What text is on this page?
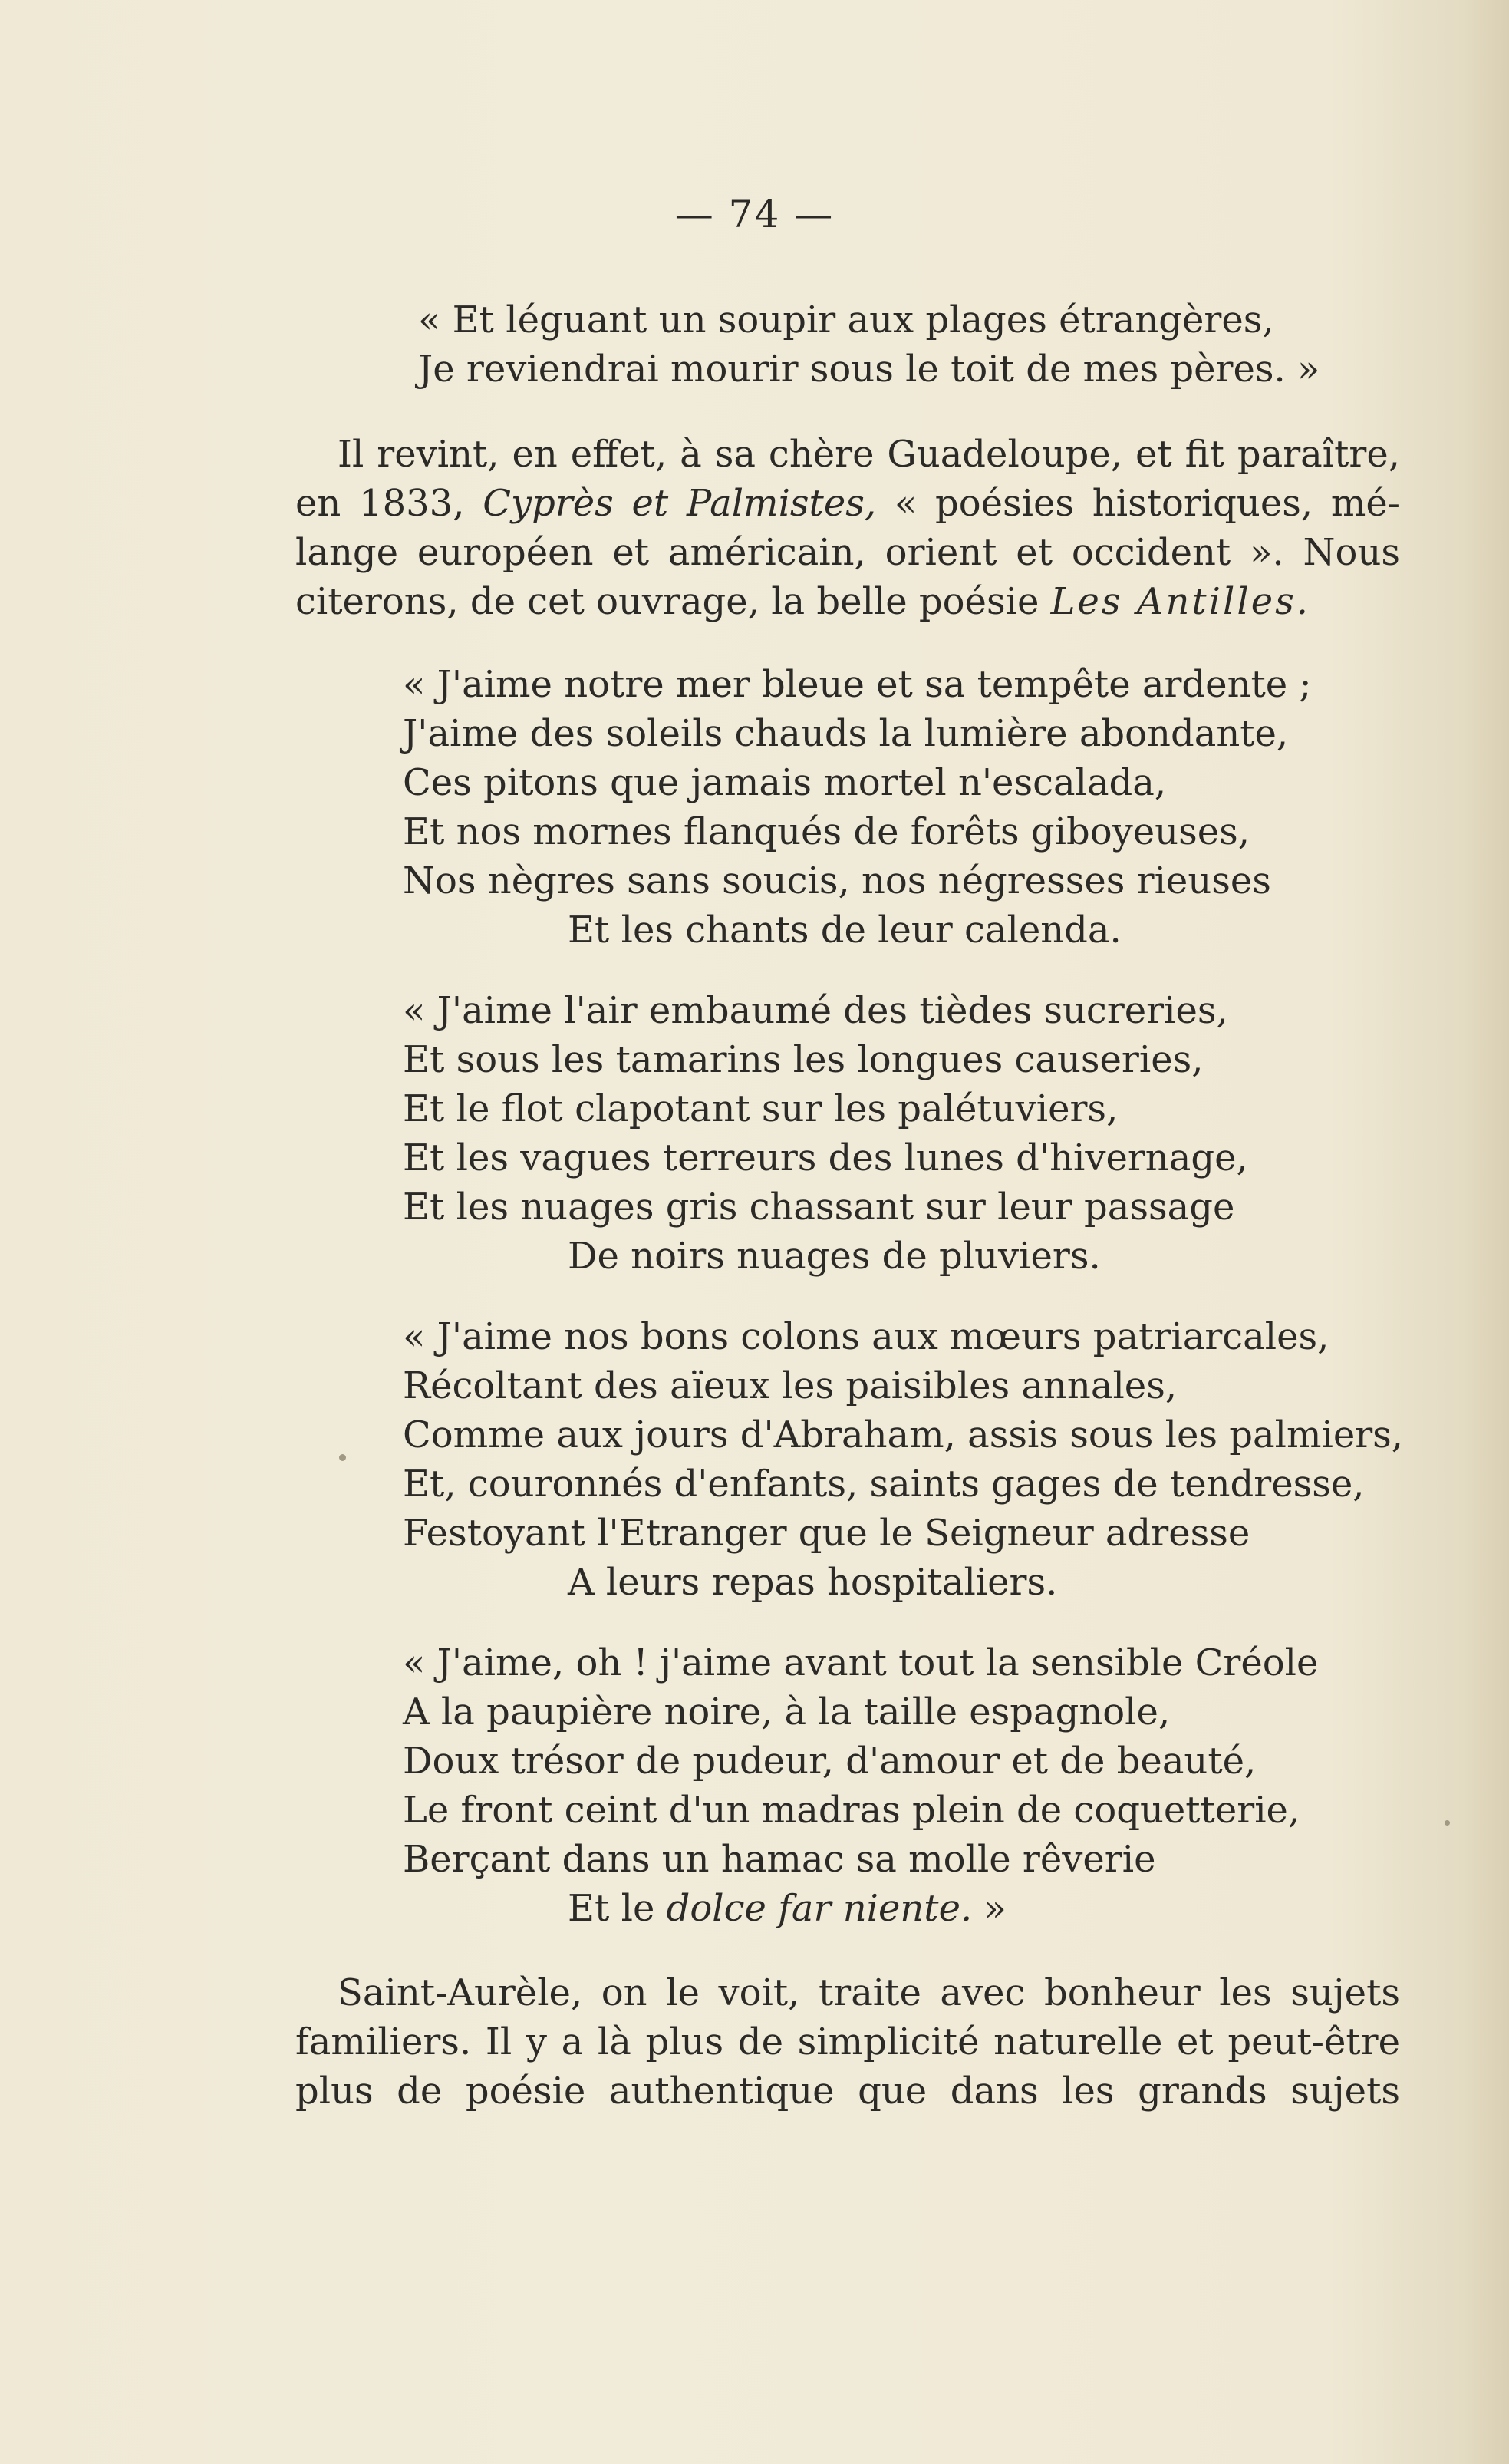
— 74 —
« Et léguant un soupir aux plages étrangères,
Je reviendrai mourir sous le toit de mes pères. »
Il revint, en effet, à sa chère Guadeloupe, et fit paraître,
en 1833, Cyprès et Palmistes, « poésies historiques, mé-
lange européen et américain, orient et occident ». Nous
citerons, de cet ouvrage, la belle poésie Les Antilles.
« J'aime notre mer bleue et sa tempête ardente ;
J'aime des soleils chauds la lumière abondante,
Ces pitons que jamais mortel n'escalada,
Et nos mornes flanqués de forêts giboyeuses,
Nos nègres sans soucis, nos négresses rieuses
Et les chants de leur calenda.
« J'aime l'air embaumé des tièdes sucreries,
Et sous les tamarins les longues causeries,
Et le flot clapotant sur les palétuviers,
Et les vagues terreurs des lunes d'hivernage,
Et les nuages gris chassant sur leur passage
De noirs nuages de pluviers.
« J'aime nos bons colons aux mœurs patriarcales,
Récoltant des aïeux les paisibles annales,
Comme aux jours d'Abraham, assis sous les palmiers,
Et, couronnés d'enfants, saints gages de tendresse,
Festoyant l'Etranger que le Seigneur adresse
A leurs repas hospitaliers.
« J'aime, oh ! j'aime avant tout la sensible Créole
A la paupière noire, à la taille espagnole,
Doux trésor de pudeur, d'amour et de beauté,
Le front ceint d'un madras plein de coquetterie,
Berçant dans un hamac sa molle rêverie
Et le dolce far niente. »
Saint-Aurèle, on le voit, traite avec bonheur les sujets
familiers. Il y a là plus de simplicité naturelle et peut-être
plus de poésie authentique que dans les grands sujets
